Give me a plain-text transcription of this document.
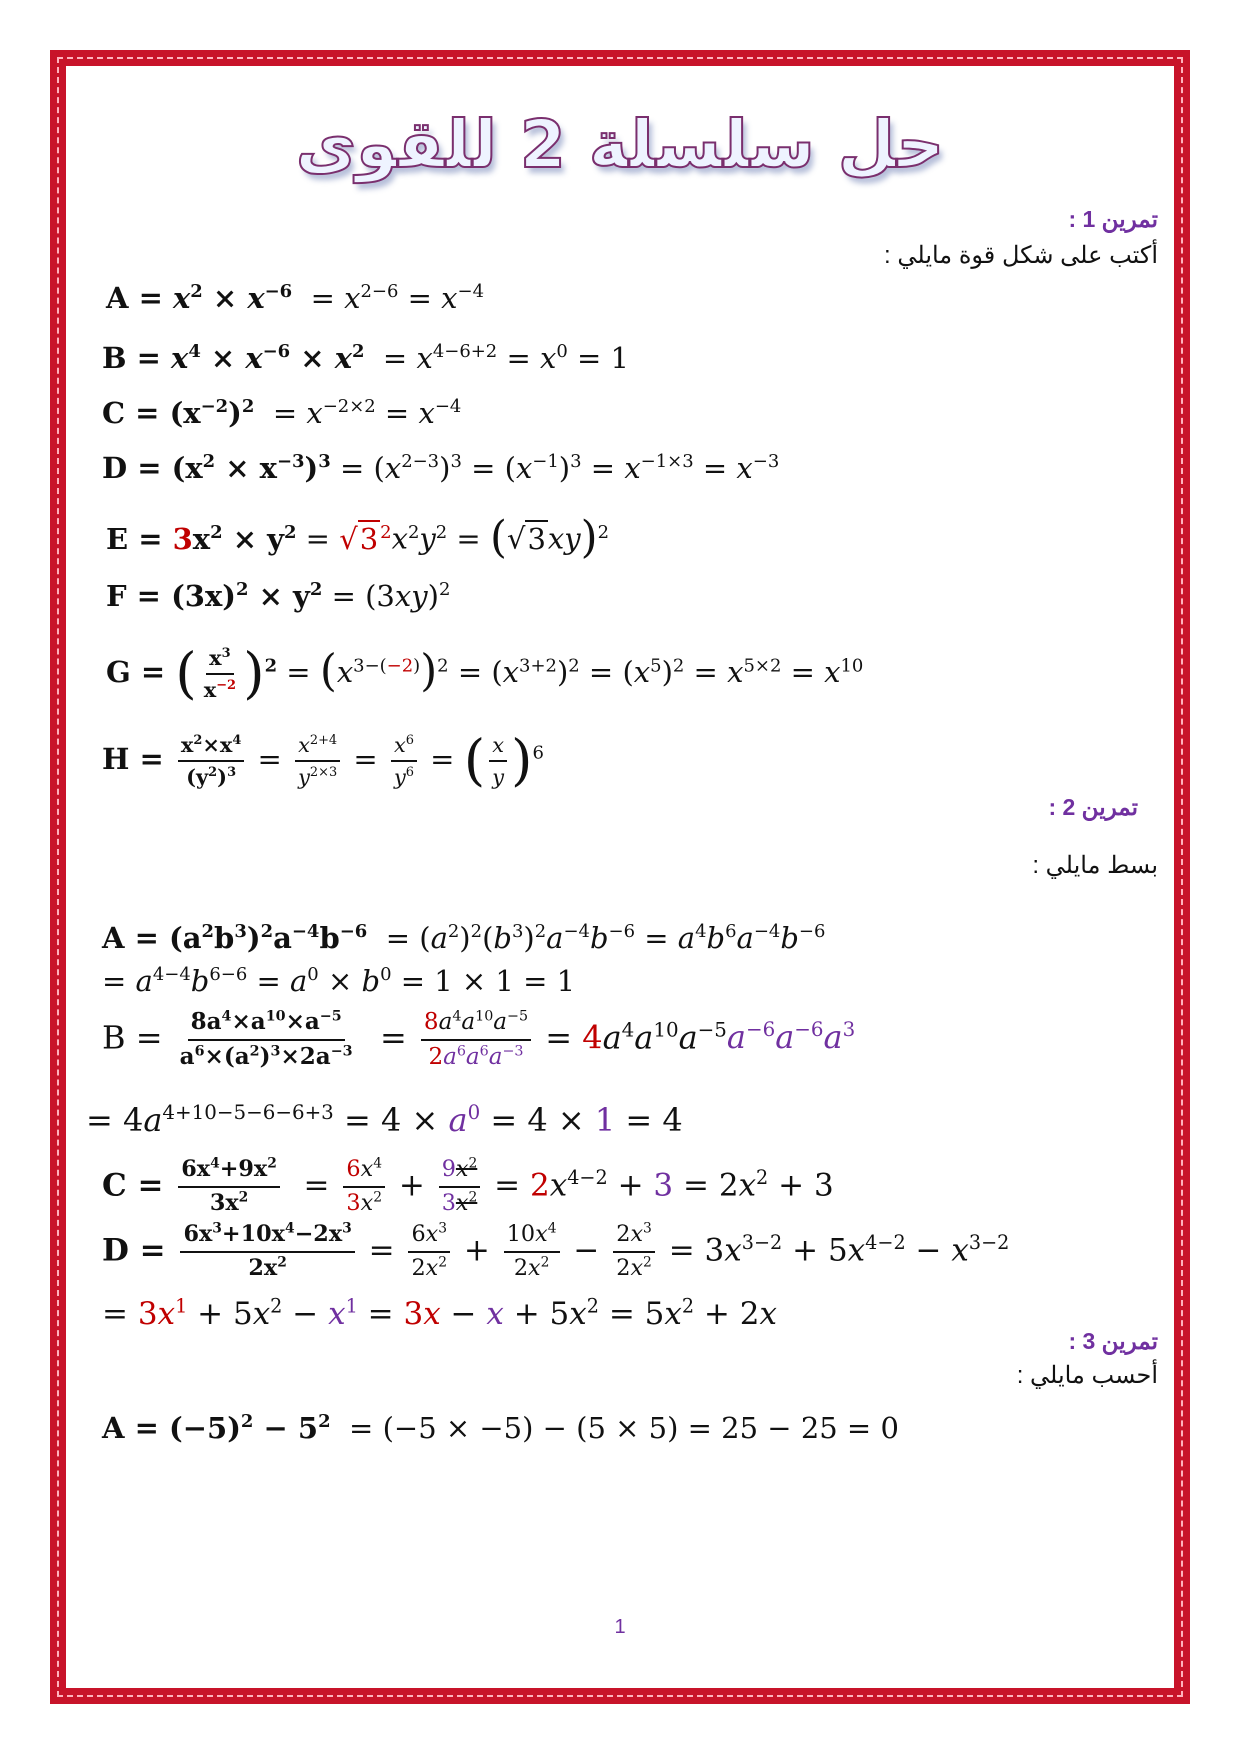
حل سلسلة 2 للقوى
تمرين 1 :
أكتب على شكل قوة مايلي :
$A = x^2 \times x^{-6} = x^{2-6} = x^{-4}$
$B = x^4 \times x^{-6} \times x^2 = x^{4-6+2} = x^0 = 1$
$C = (x^{-2})^2 = x^{-2\times 2} = x^{-4}$
$D = (x^2 \times x^{-3})^3 = (x^{2-3})^3 = (x^{-1})^3 = x^{-1\times 3} = x^{-3}$
$E = 3x^2 \times y^2 = √3$ $^2x^2y^2 = (√3xy)^2$
$F = (3x)^2 \times y^2 = (3xy)^2$
G = ( $\frac{x^3}{x^{-2}} )^2 = (x^{3-(-2)})^2 = (x^{3+2})^2 = (x^5)^2 = x^{5\times 2} = x^{10}$
$H = \frac{x^2\times x^4}{(y^2)^3} = \frac{x^{2+4}}{y^{2\times 3}} = \frac{x^6}{y^6}$ = ( $\frac{x}{y} )^6$
تمرين 2 :
بسط مايلي :
$A = (a^2b^3)^2a^{-4}b^{-6} = (a^2)^2(b^3)^2a^{-4}b^{-6} = a^4b^6a^{-4}b^{-6}$
= $a^{4-4}b^{6-6} = a^0 \times b^0 = 1 \times 1 = 1$
$B = \frac{8a^4\times a^{10}\times a^{-5}}{a^6\times(a^2)^3\times 2a^{-3}} = \frac{8a^4a^{10}a^{-5}}{2a^6a^6a^{-3}} = 4a^4a^{10}a^{-5}a^{-6}a^{-6}a^3$
= $4a^{4+10-5-6-6+3} = 4 \times a^0 = 4 \times 1 = 4$
$C = \frac{6x^4+9x^2}{3x^2} = \frac{6x^4}{3x^2} + \frac{9x^2}{3x^2} = 2x^{4-2} + 3 = 2x^2 + 3$
$D = \frac{6x^3+10x^4-2x^3}{2x^2} = \frac{6x^3}{2x^2} + \frac{10x^4}{2x^2} - \frac{2x^3}{2x^2} = 3x^{3-2} + 5x^{4-2} - x^{3-2}$
= $3x^1 + 5x^2 - x^1 = 3x - x + 5x^2 = 5x^2 + 2x$
تمرين 3 :
أحسب مايلي :
$A = (-5)^2 - 5^2 = (-5 \times -5) - (5 \times 5) = 25 - 25 = 0$
1
